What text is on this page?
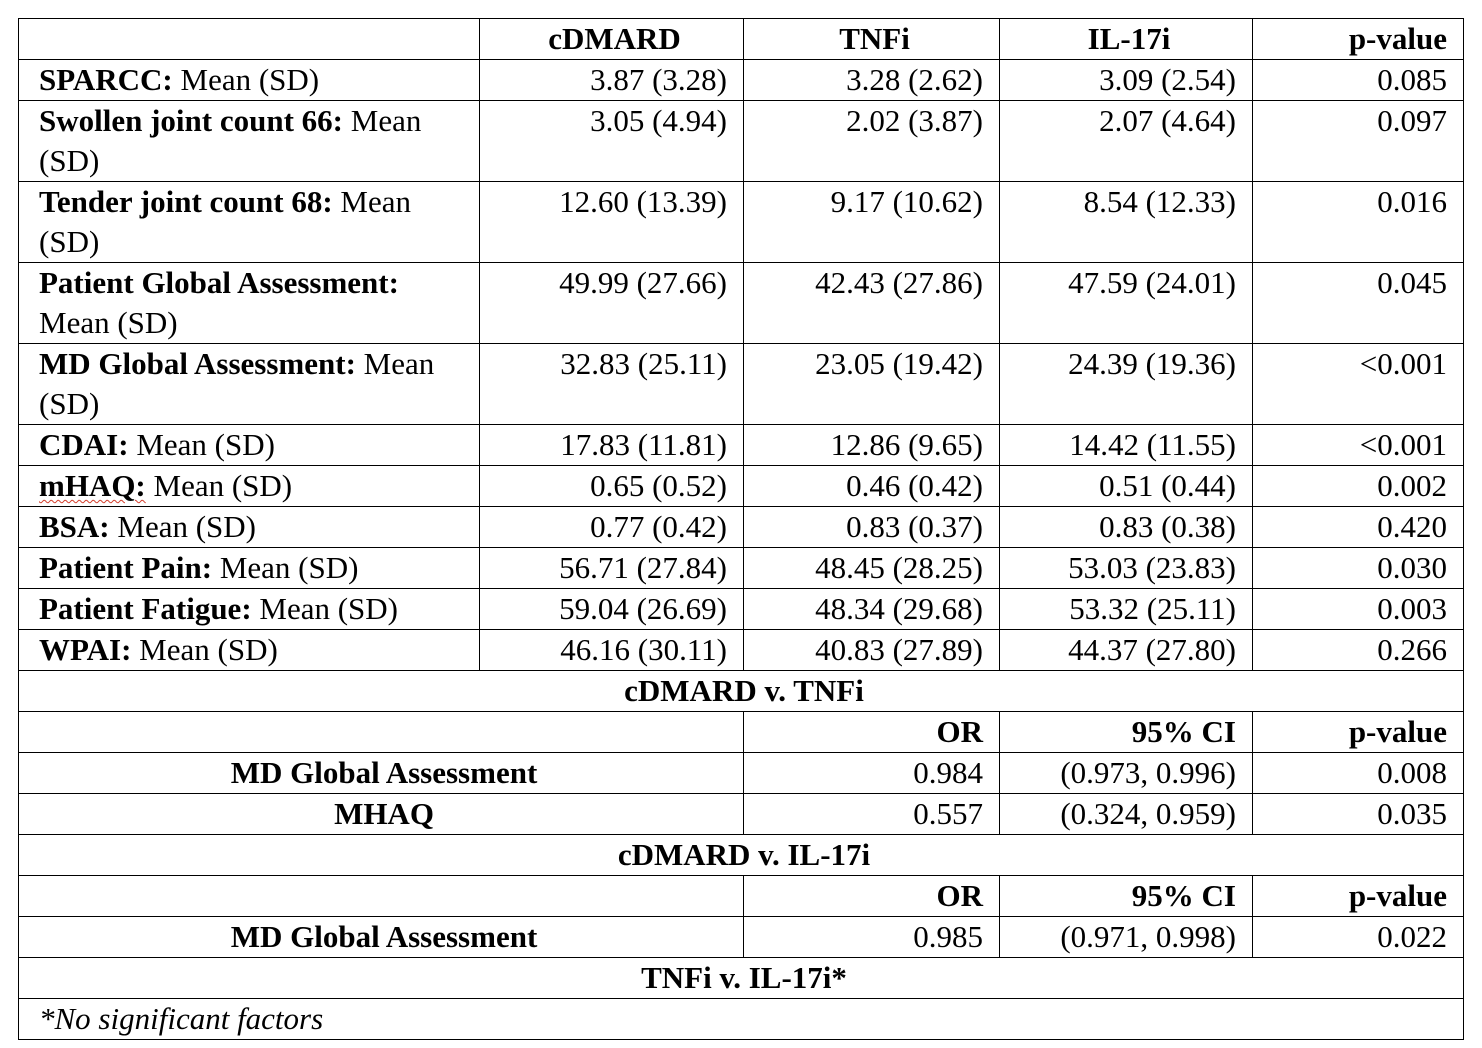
	cDMARD	TNFi	IL-17i	p-value
SPARCC: Mean (SD)	3.87 (3.28)	3.28 (2.62)	3.09 (2.54)	0.085
Swollen joint count 66: Mean (SD)	3.05 (4.94)	2.02 (3.87)	2.07 (4.64)	0.097
Tender joint count 68: Mean (SD)	12.60 (13.39)	9.17 (10.62)	8.54 (12.33)	0.016
Patient Global Assessment: Mean (SD)	49.99 (27.66)	42.43 (27.86)	47.59 (24.01)	0.045
MD Global Assessment: Mean (SD)	32.83 (25.11)	23.05 (19.42)	24.39 (19.36)	<0.001
CDAI: Mean (SD)	17.83 (11.81)	12.86 (9.65)	14.42 (11.55)	<0.001
mHAQ: Mean (SD)	0.65 (0.52)	0.46 (0.42)	0.51 (0.44)	0.002
BSA: Mean (SD)	0.77 (0.42)	0.83 (0.37)	0.83 (0.38)	0.420
Patient Pain: Mean (SD)	56.71 (27.84)	48.45 (28.25)	53.03 (23.83)	0.030
Patient Fatigue: Mean (SD)	59.04 (26.69)	48.34 (29.68)	53.32 (25.11)	0.003
WPAI: Mean (SD)	46.16 (30.11)	40.83 (27.89)	44.37 (27.80)	0.266
cDMARD v. TNFi				
		OR	95% CI	p-value
MD Global Assessment		0.984	(0.973, 0.996)	0.008
MHAQ		0.557	(0.324, 0.959)	0.035
cDMARD v. IL-17i				
		OR	95% CI	p-value
MD Global Assessment		0.985	(0.971, 0.998)	0.022
TNFi v. IL-17i*				
*No significant factors				
